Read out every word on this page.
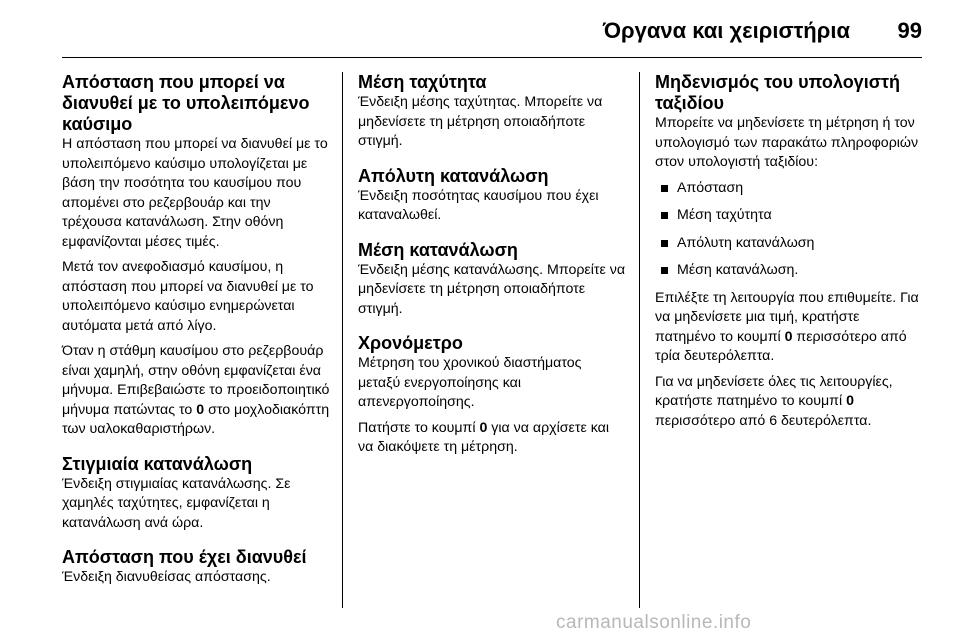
Όργανα και χειριστήρια 99
Απόσταση που μπορεί να διανυθεί με το υπολειπόμενο καύσιμο

Η απόσταση που μπορεί να διανυθεί με το υπολειπόμενο καύσιμο υπολογίζεται με βάση την ποσότητα του καυσίμου που απομένει στο ρεζερβουάρ και την τρέχουσα κατανάλωση. Στην οθόνη εμφανίζονται μέσες τιμές.

Μετά τον ανεφοδιασμό καυσίμου, η απόσταση που μπορεί να διανυθεί με το υπολειπόμενο καύσιμο ενημερώνεται αυτόματα μετά από λίγο.

Όταν η στάθμη καυσίμου στο ρεζερβουάρ είναι χαμηλή, στην οθόνη εμφανίζεται ένα μήνυμα. Επιβεβαιώστε το προειδοποιητικό μήνυμα πατώντας το 0 στο μοχλοδιακόπτη των υαλοκαθαριστήρων.

Στιγμιαία κατανάλωση

Ένδειξη στιγμιαίας κατανάλωσης. Σε χαμηλές ταχύτητες, εμφανίζεται η κατανάλωση ανά ώρα.

Απόσταση που έχει διανυθεί

Ένδειξη διανυθείσας απόστασης.

Μέση ταχύτητα

Ένδειξη μέσης ταχύτητας. Μπορείτε να μηδενίσετε τη μέτρηση οποιαδήποτε στιγμή.

Απόλυτη κατανάλωση

Ένδειξη ποσότητας καυσίμου που έχει καταναλωθεί.

Μέση κατανάλωση

Ένδειξη μέσης κατανάλωσης. Μπορείτε να μηδενίσετε τη μέτρηση οποιαδήποτε στιγμή.

Χρονόμετρο

Μέτρηση του χρονικού διαστήματος μεταξύ ενεργοποίησης και απενεργοποίησης.

Πατήστε το κουμπί 0 για να αρχίσετε και να διακόψετε τη μέτρηση.

Μηδενισμός του υπολογιστή ταξιδίου

Μπορείτε να μηδενίσετε τη μέτρηση ή τον υπολογισμό των παρακάτω πληροφοριών στον υπολογιστή ταξιδίου:

Απόσταση
Μέση ταχύτητα
Απόλυτη κατανάλωση
Μέση κατανάλωση.

Επιλέξτε τη λειτουργία που επιθυμείτε. Για να μηδενίσετε μια τιμή, κρατήστε πατημένο το κουμπί 0 περισσότερο από τρία δευτερόλεπτα.

Για να μηδενίσετε όλες τις λειτουργίες, κρατήστε πατημένο το κουμπί 0 περισσότερο από 6 δευτερόλεπτα.

carmanualsonline.info
